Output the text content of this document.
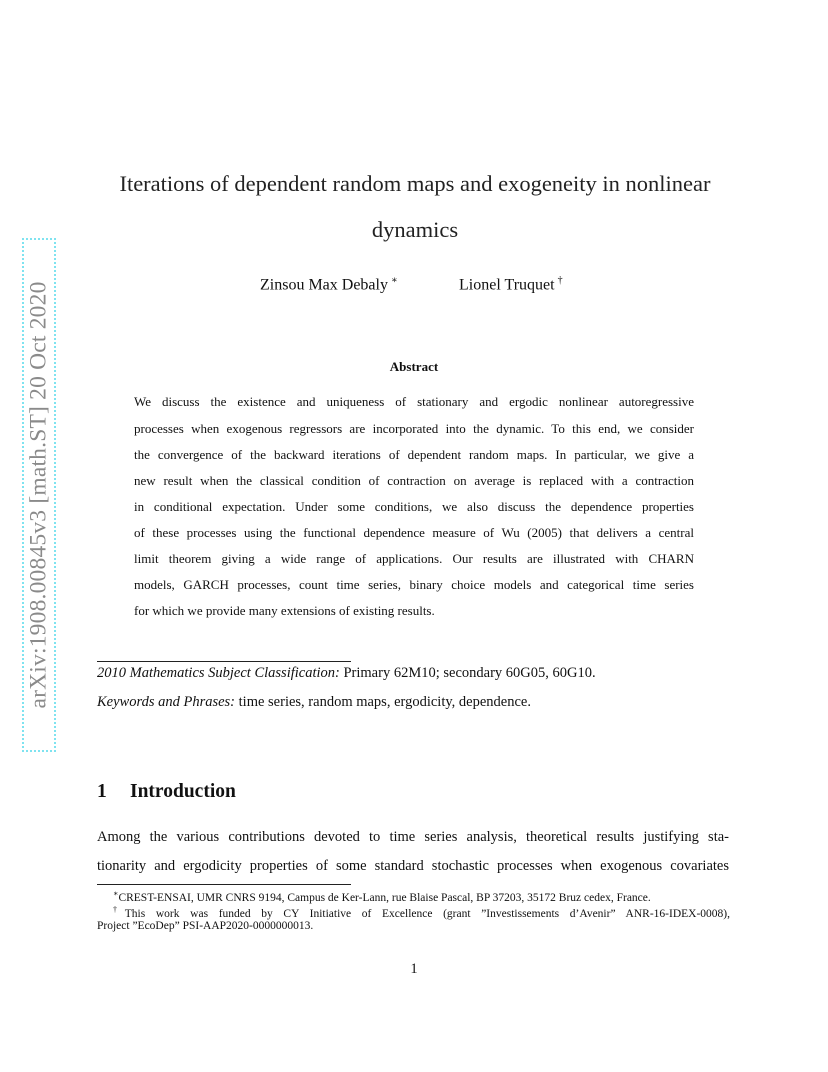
arXiv:1908.00845v3 [math.ST] 20 Oct 2020
Iterations of dependent random maps and exogeneity in nonlinear
dynamics
Zinsou Max Debaly ∗	Lionel Truquet †
Abstract
We discuss the existence and uniqueness of stationary and ergodic nonlinear autoregressive
processes when exogenous regressors are incorporated into the dynamic. To this end, we consider
the convergence of the backward iterations of dependent random maps. In particular, we give a
new result when the classical condition of contraction on average is replaced with a contraction
in conditional expectation. Under some conditions, we also discuss the dependence properties
of these processes using the functional dependence measure of Wu (2005) that delivers a central
limit theorem giving a wide range of applications. Our results are illustrated with CHARN
models, GARCH processes, count time series, binary choice models and categorical time series
for which we provide many extensions of existing results.
2010 Mathematics Subject Classification: Primary 62M10; secondary 60G05, 60G10.
Keywords and Phrases: time series, random maps, ergodicity, dependence.
1 Introduction
Among the various contributions devoted to time series analysis, theoretical results justifying sta-
tionarity and ergodicity properties of some standard stochastic processes when exogenous covariates
∗CREST-ENSAI, UMR CNRS 9194, Campus de Ker-Lann, rue Blaise Pascal, BP 37203, 35172 Bruz cedex, France.
†This work was funded by CY Initiative of Excellence (grant ”Investissements d’Avenir” ANR-16-IDEX-0008),
Project ”EcoDep” PSI-AAP2020-0000000013.
1
